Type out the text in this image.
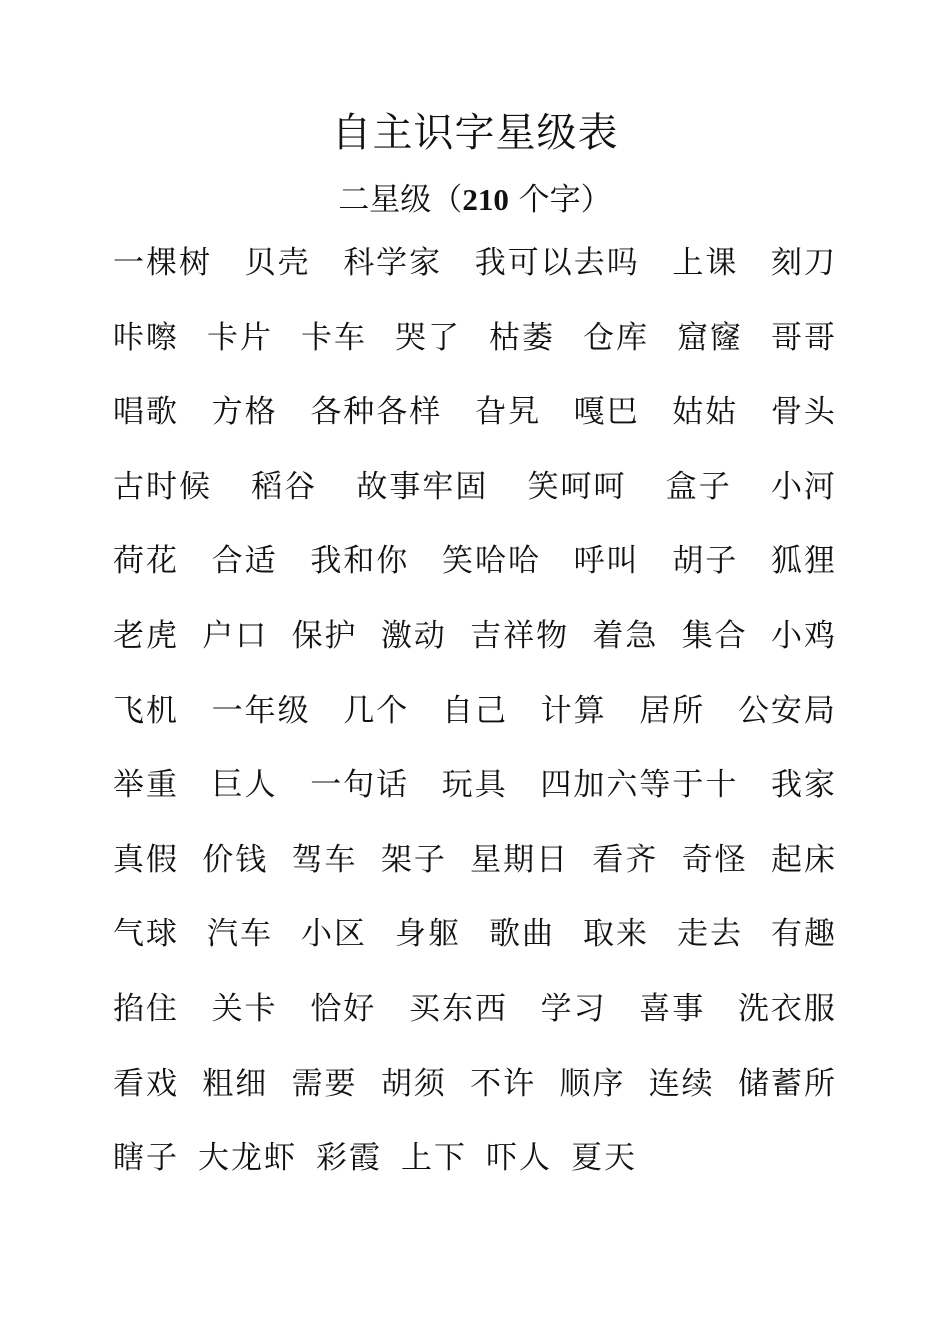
自主识字星级表
二星级（210 个字）
一棵树 贝壳 科学家 我可以去吗 上课 刻刀
咔嚓 卡片 卡车 哭了 枯萎 仓库 窟窿 哥哥
唱歌 方格 各种各样 旮旯 嘎巴 姑姑 骨头
古时候 稻谷 故事牢固 笑呵呵 盒子 小河
荷花 合适 我和你 笑哈哈 呼叫 胡子 狐狸
老虎 户口 保护 激动 吉祥物 着急 集合 小鸡
飞机 一年级 几个 自己 计算 居所 公安局
举重 巨人 一句话 玩具 四加六等于十 我家
真假 价钱 驾车 架子 星期日 看齐 奇怪 起床
气球 汽车 小区 身躯 歌曲 取来 走去 有趣
掐住 关卡 恰好 买东西 学习 喜事 洗衣服
看戏 粗细 需要 胡须 不许 顺序 连续 储蓄所
瞎子 大龙虾 彩霞 上下 吓人 夏天
